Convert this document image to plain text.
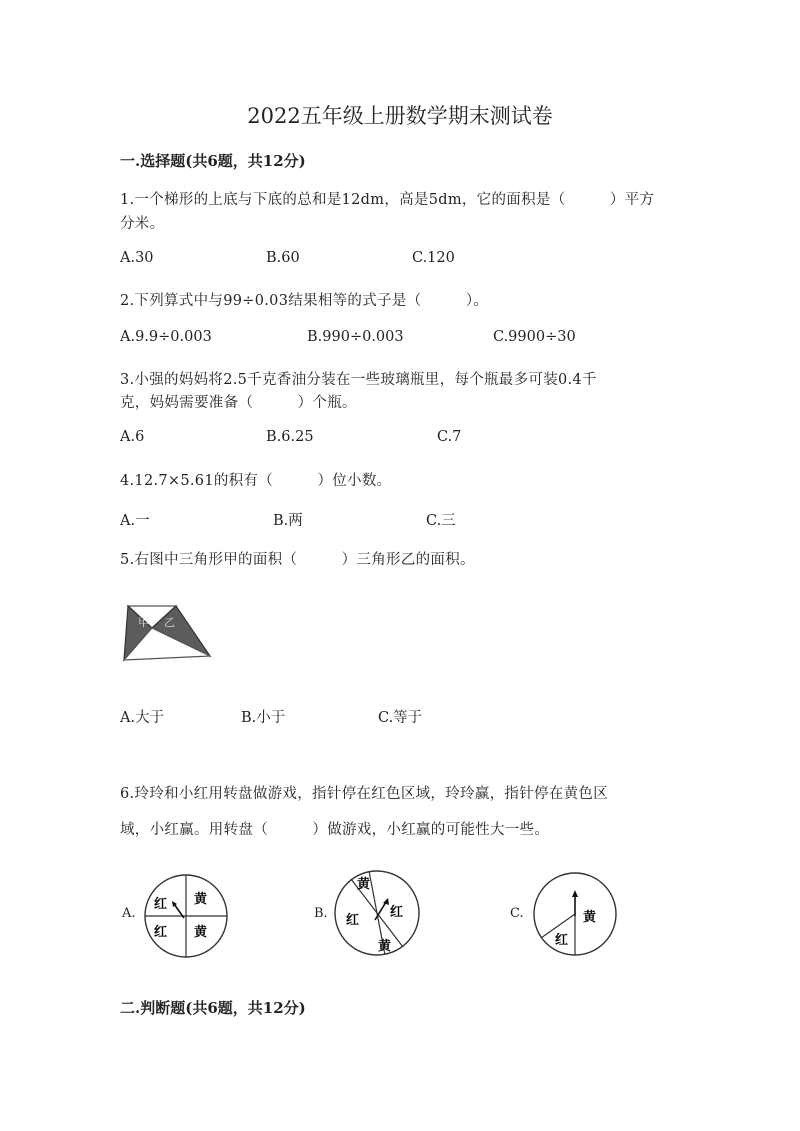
2022五年级上册数学期末测试卷
一.选择题(共6题，共12分)
1.一个梯形的上底与下底的总和是12dm，高是5dm，它的面积是（　　　）平方
分米。
A.30	B.60	C.120
2.下列算式中与99÷0.03结果相等的式子是（　　　）。
A.9.9÷0.003	B.990÷0.003	C.9900÷30
3.小强的妈妈将2.5千克香油分装在一些玻璃瓶里，每个瓶最多可装0.4千
克，妈妈需要准备（　　　）个瓶。
A.6	B.6.25	C.7
4.12.7×5.61的积有（　　　）位小数。
A.一	B.两	C.三
5.右图中三角形甲的面积（　　　）三角形乙的面积。
甲 乙
A.大于	B.小于	C.等于
6.玲玲和小红用转盘做游戏，指针停在红色区域，玲玲赢，指针停在黄色区
域，小红赢。用转盘（　　　）做游戏，小红赢的可能性大一些。
A.
红 黄
红 黄
B.
黄
红
红
黄
C.	黄
红
二.判断题(共6题，共12分)
